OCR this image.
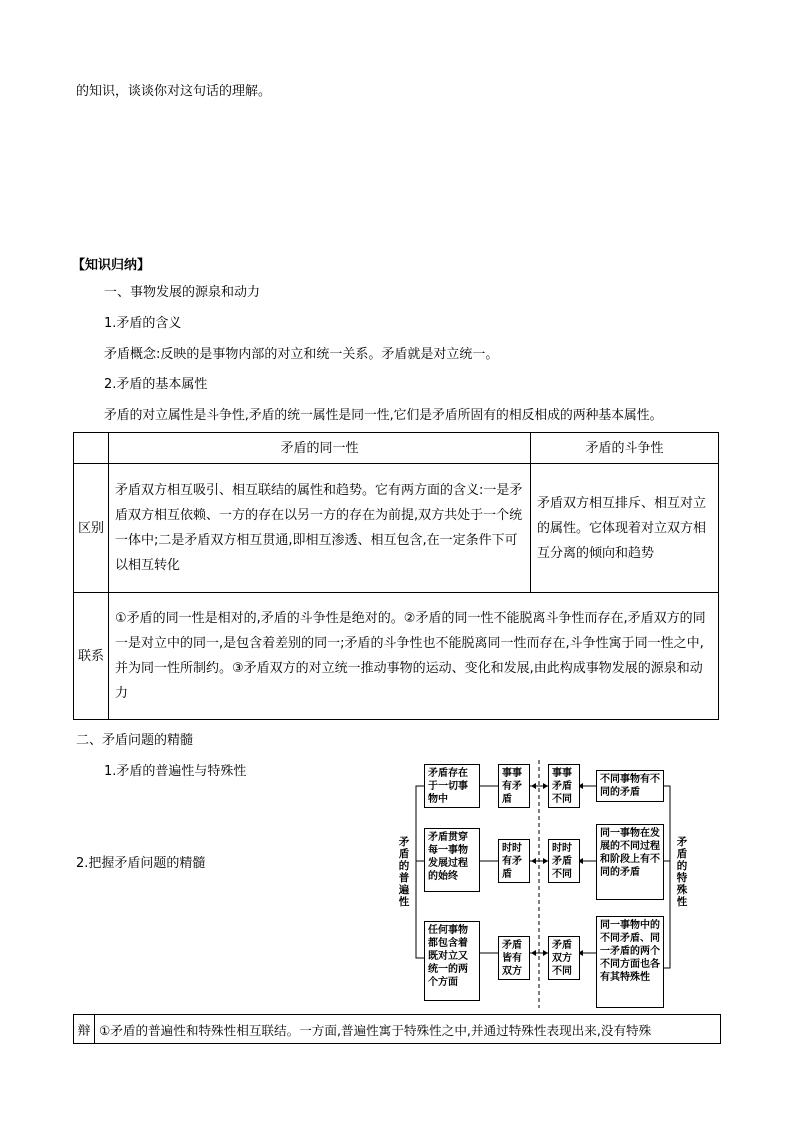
的知识，谈谈你对这句话的理解。
【知识归纳】
一、事物发展的源泉和动力
1.矛盾的含义
矛盾概念:反映的是事物内部的对立和统一关系。矛盾就是对立统一。
2.矛盾的基本属性
矛盾的对立属性是斗争性,矛盾的统一属性是同一性,它们是矛盾所固有的相反相成的两种基本属性。
	矛盾的同一性	矛盾的斗争性
区别	矛盾双方相互吸引、相互联结的属性和趋势。它有两方面的含义:一是矛盾双方相互依赖、一方的存在以另一方的存在为前提,双方共处于一个统一体中;二是矛盾双方相互贯通,即相互渗透、相互包含,在一定条件下可以相互转化	矛盾双方相互排斥、相互对立的属性。它体现着对立双方相互分离的倾向和趋势
联系	①矛盾的同一性是相对的,矛盾的斗争性是绝对的。②矛盾的同一性不能脱离斗争性而存在,矛盾双方的同一是对立中的同一,是包含着差别的同一;矛盾的斗争性也不能脱离同一性而存在,斗争性寓于同一性之中,并为同一性所制约。③矛盾双方的对立统一推动事物的运动、变化和发展,由此构成事物发展的源泉和动力	
二、矛盾问题的精髓
1.矛盾的普遍性与特殊性
2.把握矛盾问题的精髓
矛盾的普遍性
矛盾的特殊性
矛盾存在于一切事物中
矛盾贯穿每一事物发展过程的始终
任何事物都包含着既对立又统一的两个方面
事事有矛盾
时时有矛盾
矛盾皆有双方
事事矛盾不同
时时矛盾不同
矛盾双方不同
不同事物有不同的矛盾
同一事物在发展的不同过程和阶段上有不同的矛盾
同一事物中的不同矛盾、同一矛盾的两个不同方面也各有其特殊性
辩	①矛盾的普遍性和特殊性相互联结。一方面,普遍性寓于特殊性之中,并通过特殊性表现出来,没有特殊
